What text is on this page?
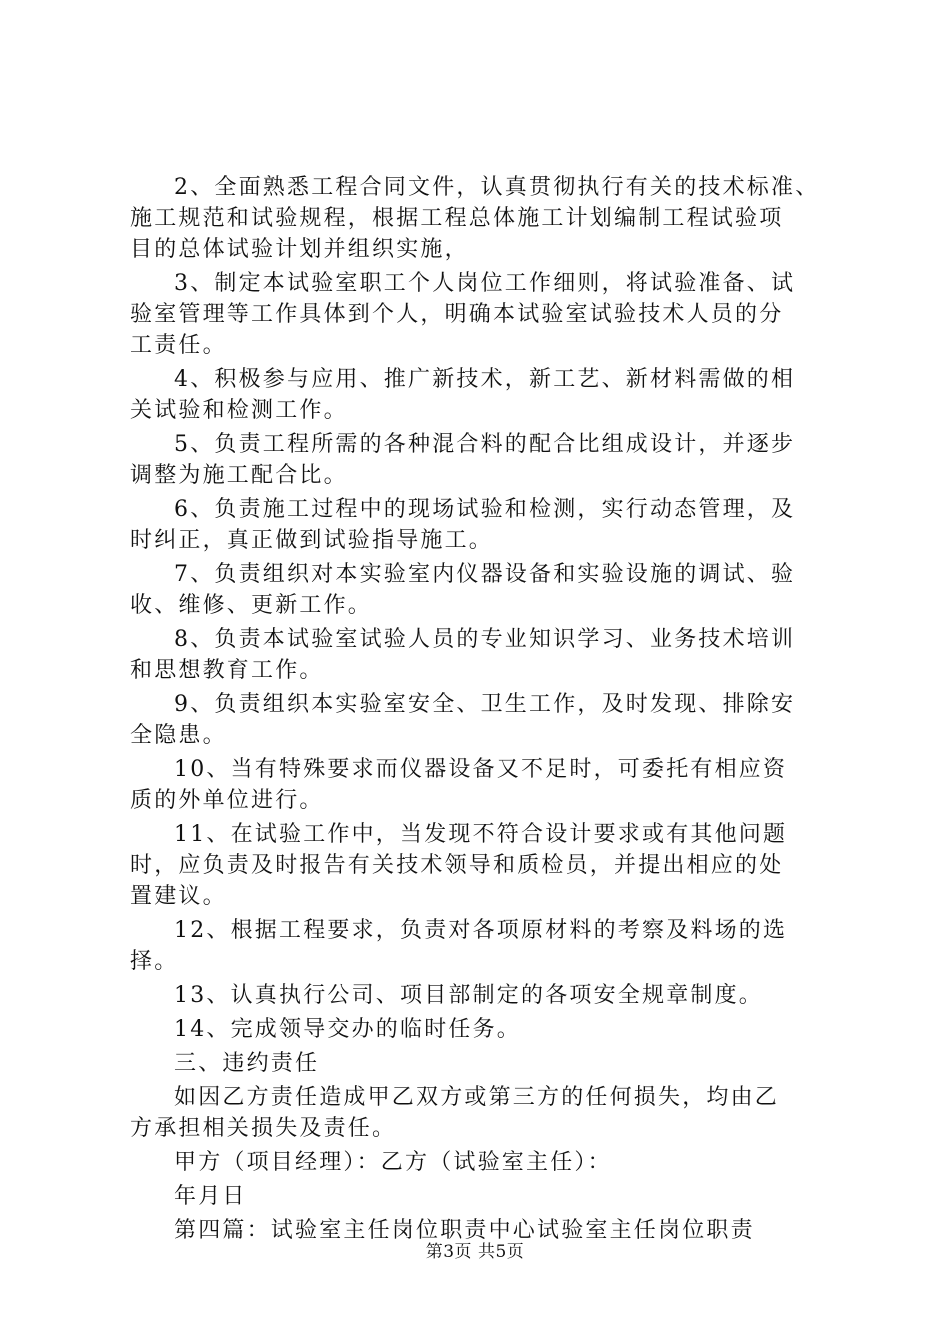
2、全面熟悉工程合同文件，认真贯彻执行有关的技术标准、
施工规范和试验规程，根据工程总体施工计划编制工程试验项
目的总体试验计划并组织实施，
3、制定本试验室职工个人岗位工作细则，将试验准备、试
验室管理等工作具体到个人，明确本试验室试验技术人员的分
工责任。
4、积极参与应用、推广新技术，新工艺、新材料需做的相
关试验和检测工作。
5、负责工程所需的各种混合料的配合比组成设计，并逐步
调整为施工配合比。
6、负责施工过程中的现场试验和检测，实行动态管理，及
时纠正，真正做到试验指导施工。
7、负责组织对本实验室内仪器设备和实验设施的调试、验
收、维修、更新工作。
8、负责本试验室试验人员的专业知识学习、业务技术培训
和思想教育工作。
9、负责组织本实验室安全、卫生工作，及时发现、排除安
全隐患。
10、当有特殊要求而仪器设备又不足时，可委托有相应资
质的外单位进行。
11、在试验工作中，当发现不符合设计要求或有其他问题
时，应负责及时报告有关技术领导和质检员，并提出相应的处
置建议。
12、根据工程要求，负责对各项原材料的考察及料场的选
择。
13、认真执行公司、项目部制定的各项安全规章制度。
14、完成领导交办的临时任务。
三、违约责任
如因乙方责任造成甲乙双方或第三方的任何损失，均由乙
方承担相关损失及责任。
甲方（项目经理）：乙方（试验室主任）：
年月日
第四篇：试验室主任岗位职责中心试验室主任岗位职责
第3页 共5页
